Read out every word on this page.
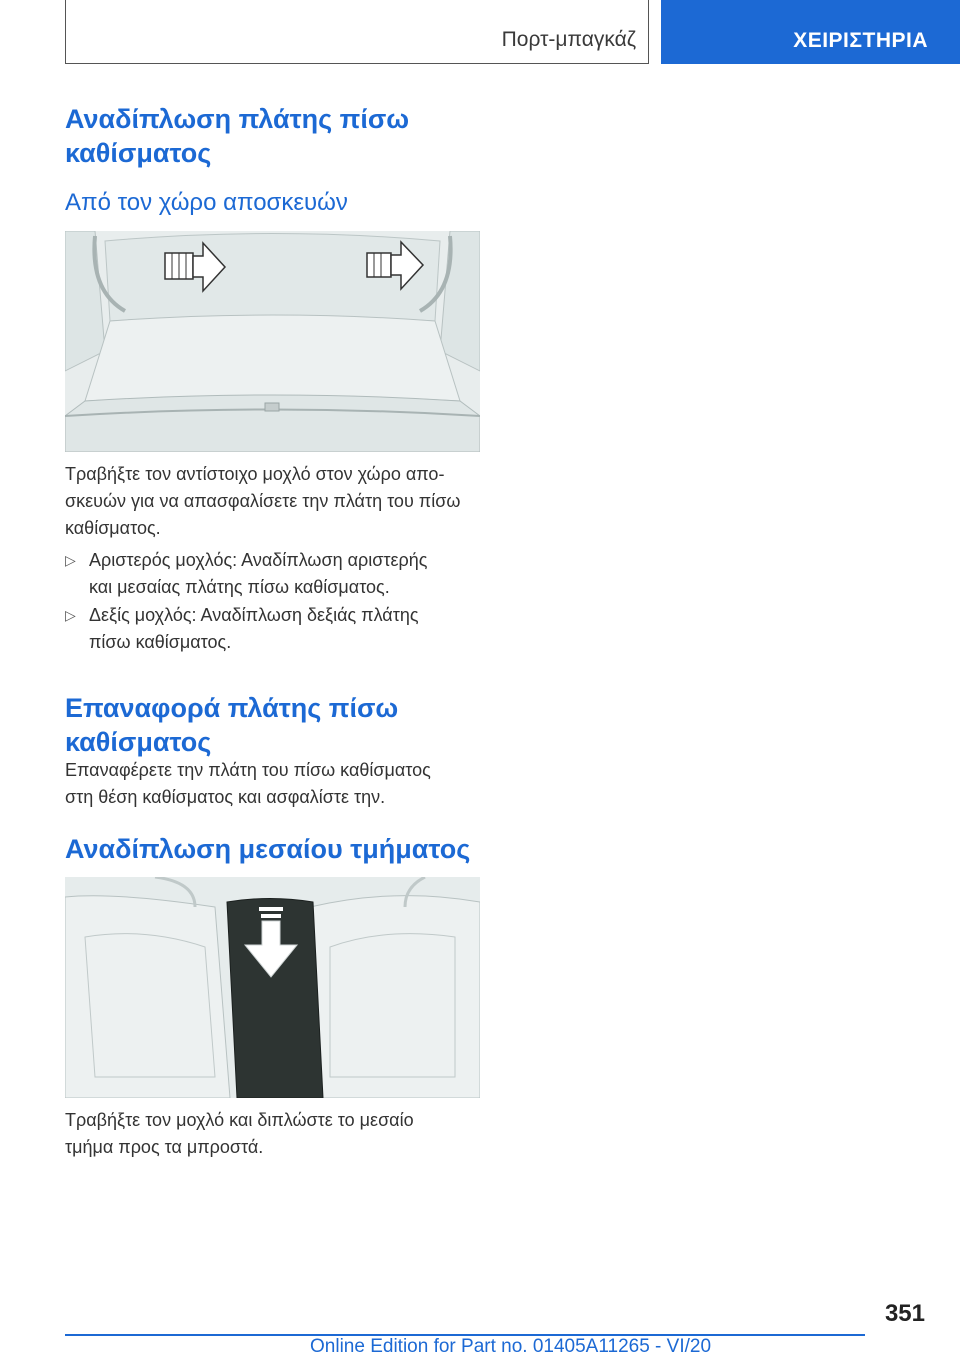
Πορτ-μπαγκάζ	ΧΕΙΡΙΣΤΗΡΙΑ
Αναδίπλωση πλάτης πίσω
καθίσματος
Από τον χώρο αποσκευών
Τραβήξτε τον αντίστοιχο μοχλό στον χώρο απο-
σκευών για να απασφαλίσετε την πλάτη του πίσω
καθίσματος.
▷ Αριστερός μοχλός: Αναδίπλωση αριστερής
και μεσαίας πλάτης πίσω καθίσματος.
▷ Δεξίς μοχλός: Αναδίπλωση δεξιάς πλάτης
πίσω καθίσματος.
Επαναφορά πλάτης πίσω
καθίσματος
Επαναφέρετε την πλάτη του πίσω καθίσματος
στη θέση καθίσματος και ασφαλίστε την.
Αναδίπλωση μεσαίου τμήματος
Τραβήξτε τον μοχλό και διπλώστε το μεσαίο
τμήμα προς τα μπροστά.
351
Online Edition for Part no. 01405A11265 - VI/20
